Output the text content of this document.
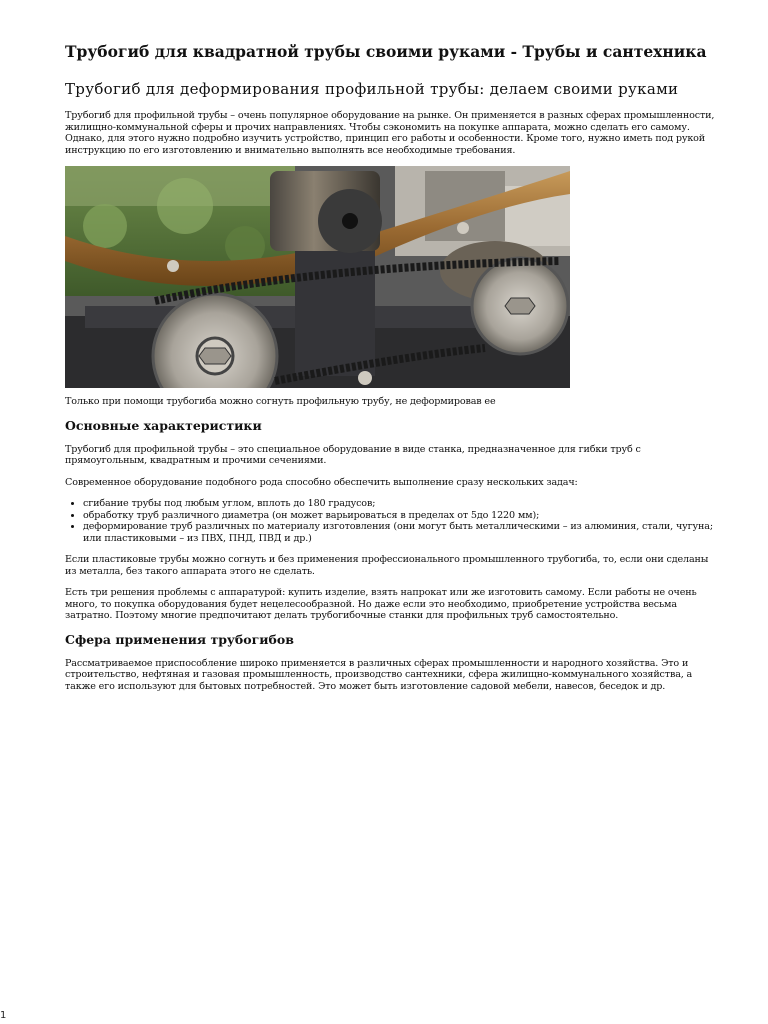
Трубогиб для квадратной трубы своими руками - Трубы и сантехника
Трубогиб для деформирования профильной трубы: делаем своими руками

Трубогиб для профильной трубы – очень популярное оборудование на рынке. Он применяется в разных сферах промышленности, жилищно-коммунальной сферы и прочих направлениях. Чтобы сэкономить на покупке аппарата, можно сделать его самому. Однако, для этого нужно подробно изучить устройство, принцип его работы и особенности. Кроме того, нужно иметь под рукой инструкцию по его изготовлению и внимательно выполнять все необходимые требования.

Только при помощи трубогиба можно согнуть профильную трубу, не деформировав ее

Основные характеристики

Трубогиб для профильной трубы – это специальное оборудование в виде станка, предназначенное для гибки труб с прямоугольным, квадратным и прочими сечениями.

Современное оборудование подобного рода способно обеспечить выполнение сразу нескольких задач:

• сгибание трубы под любым углом, вплоть до 180 градусов;
• обработку труб различного диаметра (он может варьироваться в пределах от 5до 1220 мм);
• деформирование труб различных по материалу изготовления (они могут быть металлическими – из алюминия, стали, чугуна; или пластиковыми – из ПВХ, ПНД, ПВД и др.)

Если пластиковые трубы можно согнуть и без применения профессионального промышленного трубогиба, то, если они сделаны из металла, без такого аппарата этого не сделать.

Есть три решения проблемы с аппаратурой: купить изделие, взять напрокат или же изготовить самому. Если работы не очень много, то покупка оборудования будет нецелесообразной. Но даже если это необходимо, приобретение устройства весьма затратно. Поэтому многие предпочитают делать трубогибочные станки для профильных труб самостоятельно.

Сфера применения трубогибов

Рассматриваемое приспособление широко применяется в различных сферах промышленности и народного хозяйства. Это и строительство, нефтяная и газовая промышленность, производство сантехники, сфера жилищно-коммунального хозяйства, а также его используют для бытовых потребностей. Это может быть изготовление садовой мебели, навесов, беседок и др.

1
